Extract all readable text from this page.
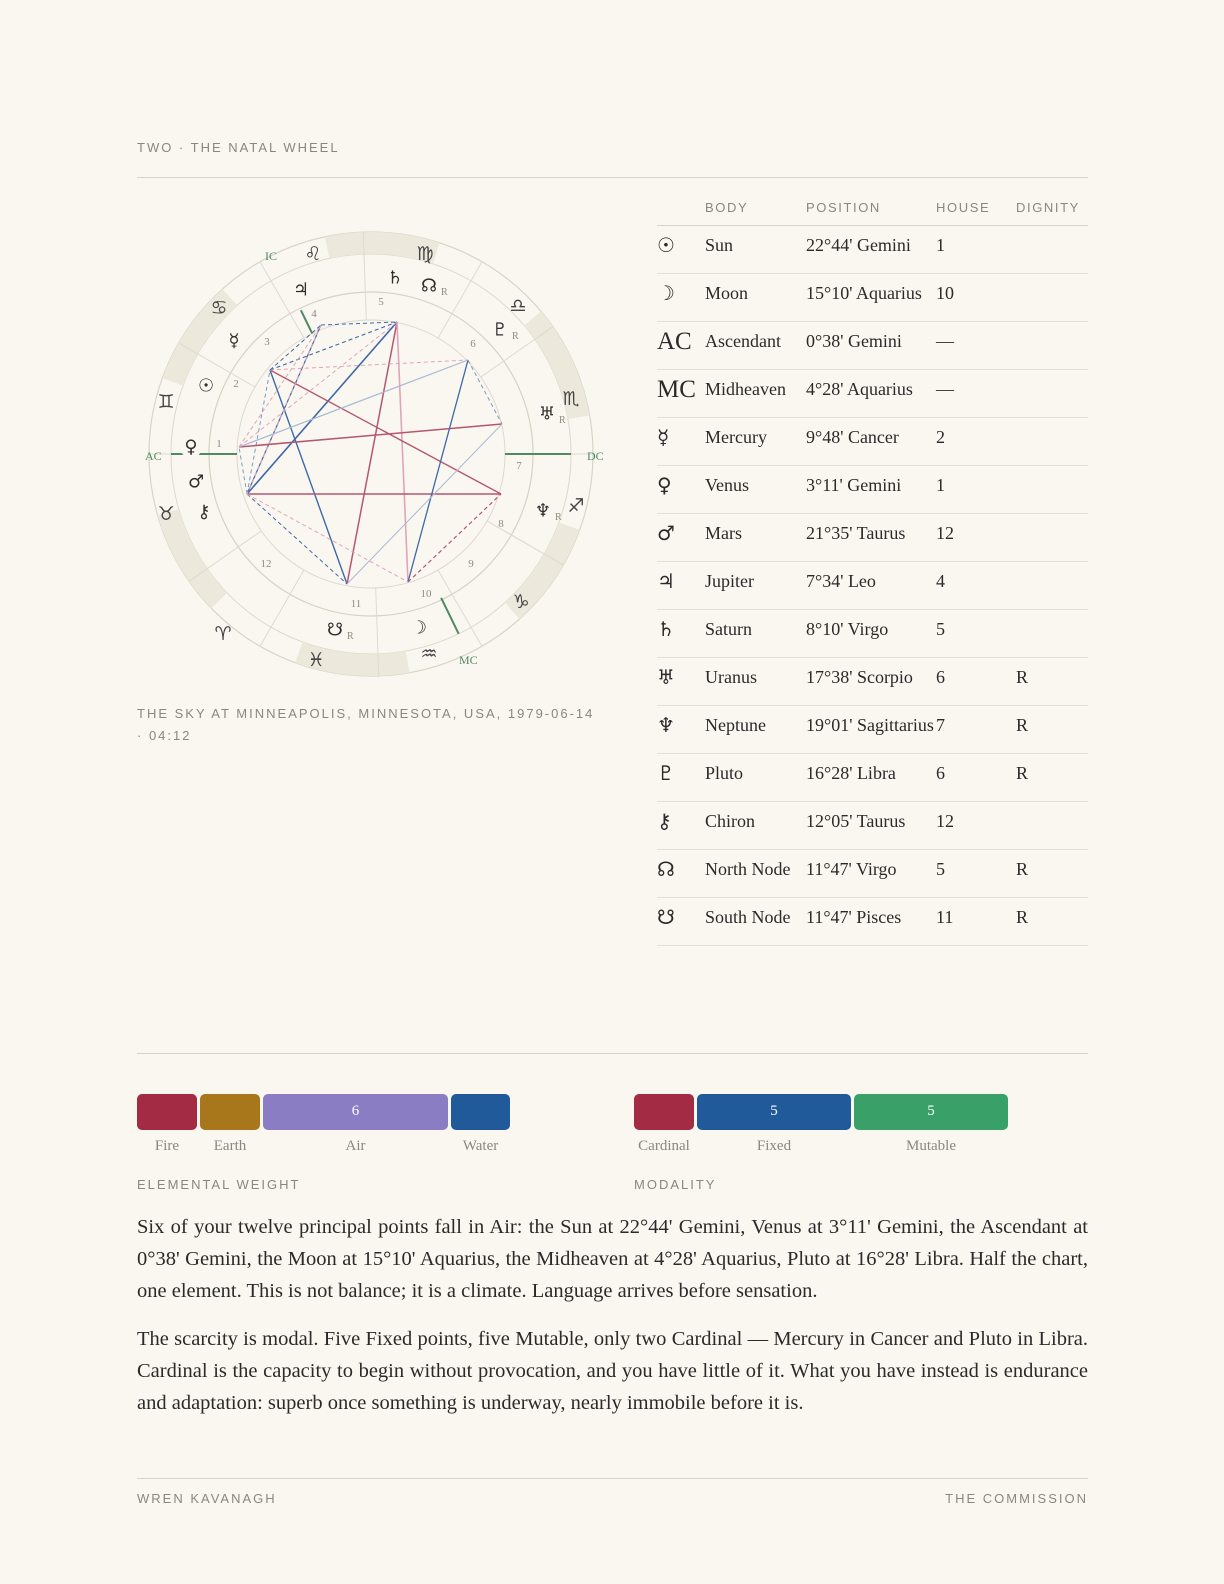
TWO · THE NATAL WHEEL
♈
♉
♊
♋
♌	♍
♎
♏
♐
♑
♒
♓
1
2
3
4
5
6
7
8
9
10
11
12
☉
☽
☿
♀
♂
♃
♄
♅ R
♆ R
♇ R
⚷
☊ R
☋ R
AC	DC
MC
IC
THE SKY AT MINNEAPOLIS, MINNESOTA, USA, 1979-06-14 · 04:12
	BODY	POSITION	HOUSE	DIGNITY
☉	Sun	22°44' Gemini	1	
☽	Moon	15°10' Aquarius	10	
AC	Ascendant	0°38' Gemini	—	
MC	Midheaven	4°28' Aquarius	—	
☿	Mercury	9°48' Cancer	2	
♀	Venus	3°11' Gemini	1	
♂	Mars	21°35' Taurus	12	
♃	Jupiter	7°34' Leo	4	
♄	Saturn	8°10' Virgo	5	
♅	Uranus	17°38' Scorpio	6	R
♆	Neptune	19°01' Sagittarius	7	R
♇	Pluto	16°28' Libra	6	R
⚷	Chiron	12°05' Taurus	12	
☊	North Node	11°47' Virgo	5	R
☋	South Node	11°47' Pisces	11	R
Fire	Earth
6
Air	Water
ELEMENTAL WEIGHT
Cardinal
5
Fixed
5
Mutable
MODALITY

Six of your twelve principal points fall in Air: the Sun at 22°44' Gemini, Venus at 3°11' Gemini, the Ascendant at 0°38' Gemini, the Moon at 15°10' Aquarius, the Midheaven at 4°28' Aquarius, Pluto at 16°28' Libra. Half the chart, one element. This is not balance; it is a climate. Language arrives before sensation.

The scarcity is modal. Five Fixed points, five Mutable, only two Cardinal — Mercury in Cancer and Pluto in Libra. Cardinal is the capacity to begin without provocation, and you have little of it. What you have instead is endurance and adaptation: superb once something is underway, nearly immobile before it is.

WREN KAVANAGH	THE COMMISSION
